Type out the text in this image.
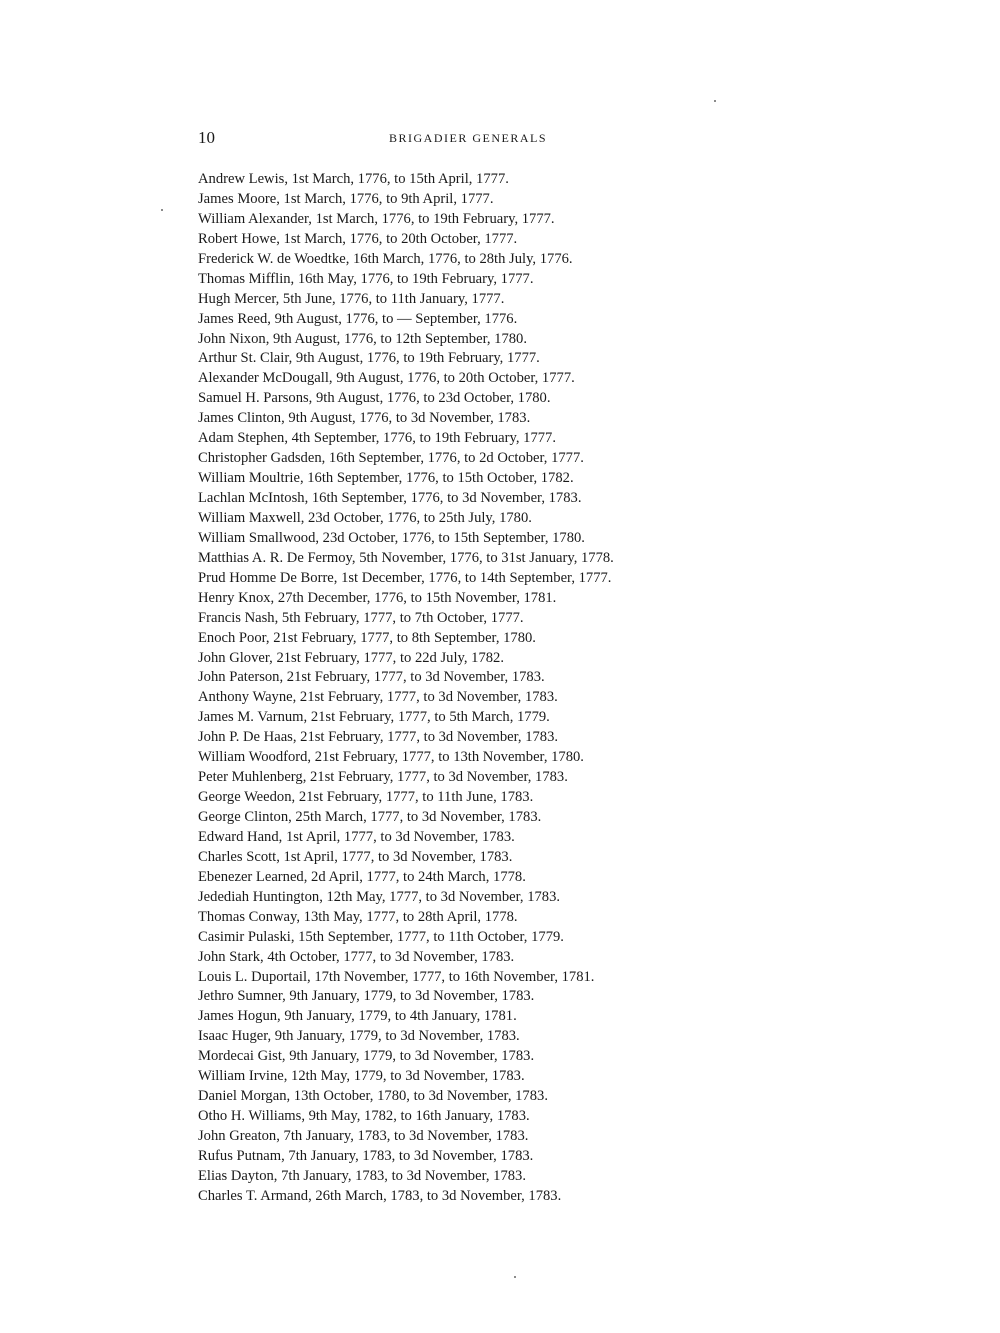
10	BRIGADIER GENERALS
Andrew Lewis, 1st March, 1776, to 15th April, 1777.
James Moore, 1st March, 1776, to 9th April, 1777.
William Alexander, 1st March, 1776, to 19th February, 1777.
Robert Howe, 1st March, 1776, to 20th October, 1777.
Frederick W. de Woedtke, 16th March, 1776, to 28th July, 1776.
Thomas Mifflin, 16th May, 1776, to 19th February, 1777.
Hugh Mercer, 5th June, 1776, to 11th January, 1777.
James Reed, 9th August, 1776, to — September, 1776.
John Nixon, 9th August, 1776, to 12th September, 1780.
Arthur St. Clair, 9th August, 1776, to 19th February, 1777.
Alexander McDougall, 9th August, 1776, to 20th October, 1777.
Samuel H. Parsons, 9th August, 1776, to 23d October, 1780.
James Clinton, 9th August, 1776, to 3d November, 1783.
Adam Stephen, 4th September, 1776, to 19th February, 1777.
Christopher Gadsden, 16th September, 1776, to 2d October, 1777.
William Moultrie, 16th September, 1776, to 15th October, 1782.
Lachlan McIntosh, 16th September, 1776, to 3d November, 1783.
William Maxwell, 23d October, 1776, to 25th July, 1780.
William Smallwood, 23d October, 1776, to 15th September, 1780.
Matthias A. R. De Fermoy, 5th November, 1776, to 31st January, 1778.
Prud Homme De Borre, 1st December, 1776, to 14th September, 1777.
Henry Knox, 27th December, 1776, to 15th November, 1781.
Francis Nash, 5th February, 1777, to 7th October, 1777.
Enoch Poor, 21st February, 1777, to 8th September, 1780.
John Glover, 21st February, 1777, to 22d July, 1782.
John Paterson, 21st February, 1777, to 3d November, 1783.
Anthony Wayne, 21st February, 1777, to 3d November, 1783.
James M. Varnum, 21st February, 1777, to 5th March, 1779.
John P. De Haas, 21st February, 1777, to 3d November, 1783.
William Woodford, 21st February, 1777, to 13th November, 1780.
Peter Muhlenberg, 21st February, 1777, to 3d November, 1783.
George Weedon, 21st February, 1777, to 11th June, 1783.
George Clinton, 25th March, 1777, to 3d November, 1783.
Edward Hand, 1st April, 1777, to 3d November, 1783.
Charles Scott, 1st April, 1777, to 3d November, 1783.
Ebenezer Learned, 2d April, 1777, to 24th March, 1778.
Jedediah Huntington, 12th May, 1777, to 3d November, 1783.
Thomas Conway, 13th May, 1777, to 28th April, 1778.
Casimir Pulaski, 15th September, 1777, to 11th October, 1779.
John Stark, 4th October, 1777, to 3d November, 1783.
Louis L. Duportail, 17th November, 1777, to 16th November, 1781.
Jethro Sumner, 9th January, 1779, to 3d November, 1783.
James Hogun, 9th January, 1779, to 4th January, 1781.
Isaac Huger, 9th January, 1779, to 3d November, 1783.
Mordecai Gist, 9th January, 1779, to 3d November, 1783.
William Irvine, 12th May, 1779, to 3d November, 1783.
Daniel Morgan, 13th October, 1780, to 3d November, 1783.
Otho H. Williams, 9th May, 1782, to 16th January, 1783.
John Greaton, 7th January, 1783, to 3d November, 1783.
Rufus Putnam, 7th January, 1783, to 3d November, 1783.
Elias Dayton, 7th January, 1783, to 3d November, 1783.
Charles T. Armand, 26th March, 1783, to 3d November, 1783.
